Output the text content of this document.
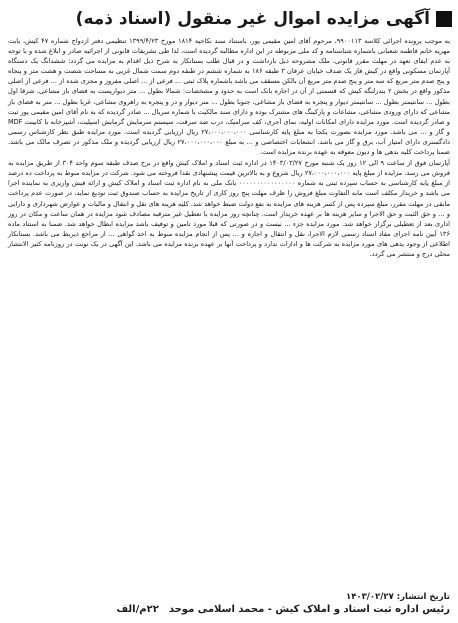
آگهی مزایده اموال غیر منقول (اسناد ذمه)

به موجب پرونده اجرائی کلاسه ۹۹۰۰۱۱۳، مرحوم آقای امین مقیمی پور، باستناد سند نکاحیه ۱۸۱۴ مورخ ۱۳۹۹/۴/۲۳ تنظیمی دفتر ازدواج شماره ۴۷ کیش، بابت مهریه خانم فاطمه شعبانی باشماره شناسنامه و کد ملی مربوطه در این اداره مطالبه گردیده است، لذا طی تشریفات قانونی از اجرائیه صادر و ابلاغ شده و با توجه به عدم ایفای تعهد در مهلت مقرر قانونی، ملک مشروحه ذیل بازداشت و در قبال طلب بستانکار به شرح ذیل اقدام به مزایده می گردد: ششدانگ یک دستگاه آپارتمان مسکونی واقع در کیش فاز یک صدف خیابان عرفان ۳ طبقه ۱۸۶ به شماره ششم در طبقه دوم سمت شمال غربی به مساحت شصت و هشت متر و پنجاه و پنج صدم متر مربع که سه متر و پنج صدم متر مربع آن بالکن مسقف می باشد باشماره پلاک ثبتی ... فرعی از ... اصلی مفروز و مجزی شده از ... فرعی از اصلی مذکور واقع در بخش ۲ بندرلنگه کیش که قسمتی از آن در اجاره بانک است به حدود و مشخصات: شمالا بطول ... متر دیواریست به فضای باز مشاعی، شرقا اول بطول ... سانتیمتر بطول ... سانتیمتر دیوار و پنجره به فضای باز مشاعی، جنوبا بطول ... متر دیوار و در و پنجره به راهروی مشاعی، غربا بطول ... متر به فضای باز مشاعی که دارای ورودی مشاعی، مشاعات و پارکینگ های مشترک بوده و دارای سند مالکیت با شماره سریال ... صادر گردیده که به نام آقای امین مقیمی پور ثبت و صادر گردیده است. مورد مزایده دارای امکانات اولیه، نمای آجری، کف سرامیک، درب ضد سرقت، سیستم سرمایش گرمایش اسپلیت، آشپزخانه با کابینت MDF و گاز و ... می باشد. مورد مزایده بصورت یکجا به مبلغ پایه کارشناسی ۲۷،۰۰۰،۰۰۰،۰۰۰ ریال ارزیابی گردیده است. مورد مزایده طبق نظر کارشناس رسمی دادگستری دارای امتیاز آب، برق و گاز می باشد. انشعابات اختصاصی و ... به مبلغ ۲۷،۰۰۰،۰۰۰،۰۰۰ ریال ارزیابی گردیده و ملک مذکور در تصرف مالک می باشد. ضمنا پرداخت کلیه بدهی ها و دیون معوقه به عهده برنده مزایده است.

آپارتمان فوق از ساعت ۹ الی ۱۲ روز یک شنبه مورخ ۱۴۰۳/۰۳/۲۷ در اداره ثبت اسناد و املاک کیش واقع در برج صدف طبقه سوم واحد ۳۰۴ از طریق مزایده به فروش می رسد. مزایده از مبلغ پایه ۲۷،۰۰۰،۰۰۰،۰۰۰ ریال شروع و به بالاترین قیمت پیشنهادی نقدا فروخته می شود. شرکت در مزایده منوط به پرداخت ده درصد از مبلغ پایه کارشناسی به حساب سپرده ثبتی به شماره ۰۰۰۰۰۰۰۰۰۰۰۰۰۰۰۰ بانک ملی به نام اداره ثبت اسناد و املاک کیش و ارائه فیش واریزی به نماینده اجرا می باشد و خریدار مکلف است مابه التفاوت مبلغ فروش را ظرف مهلت پنج روز کاری از تاریخ مزایده به حساب صندوق ثبت تودیع نماید، در صورت عدم پرداخت مابقی در مهلت مقرر، مبلغ سپرده پس از کسر هزینه های مزایده به نفع دولت ضبط خواهد شد. کلیه هزینه های نقل و انتقال و مالیات و عوارض شهرداری و دارایی و ... و حق الثبت و حق الاجرا و سایر هزینه ها بر عهده خریدار است. چنانچه روز مزایده با تعطیل غیر مترقبه مصادف شود مزایده در همان ساعت و مکان در روز اداری بعد از تعطیلی برگزار خواهد شد. مورد مزایده جزء ... نیست و در صورتی که قبلا مورد تامین و توقیف باشد مزایده ابطال خواهد شد. ضمنا به استناد ماده ۱۳۶ آیین نامه اجرای مفاد اسناد رسمی لازم الاجرا، نقل و انتقال و اجاره و ... پس از انجام مزایده منوط به اخذ گواهی ... از مراجع ذیربط می باشد. بستانکار اطلاعی از وجود بدهی های مورد مزایده به شرکت ها و ادارات ندارد و پرداخت آنها بر عهده برنده مزایده می باشد. این آگهی در یک نوبت در روزنامه کثیر الانتشار محلی درج و منتشر می گردد.

تاریخ انتشار: ۱۴۰۳/۰۲/۲۷
رئیس اداره ثبت اسناد و املاک کیش - محمد اسلامی موحد
۲۲م/الف
